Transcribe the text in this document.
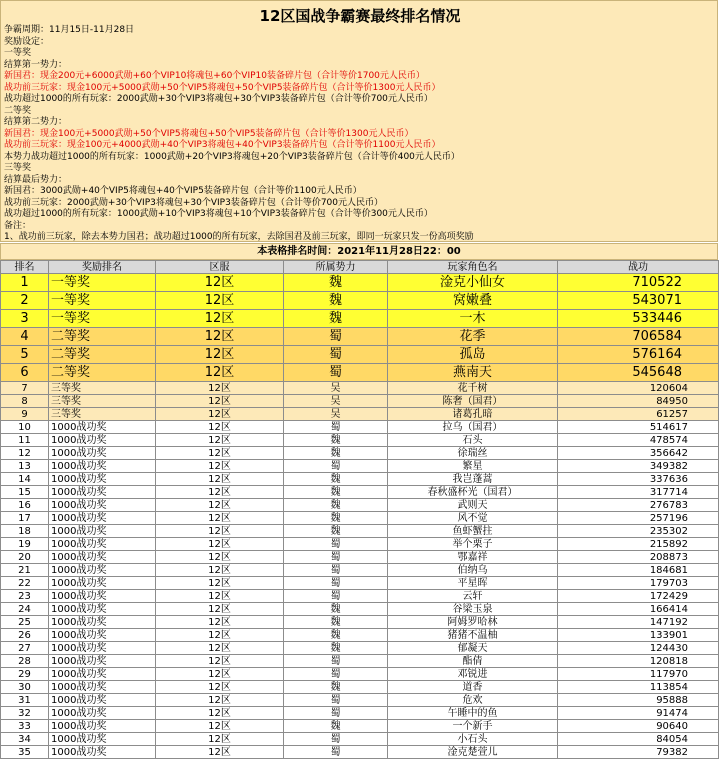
12区国战争霸赛最终排名情况
争霸周期：11月15日-11月28日
奖励设定：
一等奖
结算第一势力：
新国君：现金200元+6000武勋+60个VIP10将魂包+60个VIP10装备碎片包（合计等价1700元人民币）
战功前三玩家：现金100元+5000武勋+50个VIP5将魂包+50个VIP5装备碎片包（合计等价1300元人民币）
战功超过1000的所有玩家：2000武勋+30个VIP3将魂包+30个VIP3装备碎片包（合计等价700元人民币）
二等奖
结算第二势力：
新国君：现金100元+5000武勋+50个VIP5将魂包+50个VIP5装备碎片包（合计等价1300元人民币）
战功前三玩家：现金100元+4000武勋+40个VIP3将魂包+40个VIP3装备碎片包（合计等价1100元人民币）
本势力战功超过1000的所有玩家：1000武勋+20个VIP3将魂包+20个VIP3装备碎片包（合计等价400元人民币）
三等奖
结算最后势力：
新国君：3000武勋+40个VIP5将魂包+40个VIP5装备碎片包（合计等价1100元人民币）
战功前三玩家：2000武勋+30个VIP3将魂包+30个VIP3装备碎片包（合计等价700元人民币）
战功超过1000的所有玩家：1000武勋+10个VIP3将魂包+10个VIP3装备碎片包（合计等价300元人民币）
备注：
1、战功前三玩家，除去本势力国君；战功超过1000的所有玩家，去除国君及前三玩家，即同一玩家只发一份高项奖励
本表格排名时间：2021年11月28日22：00
排名	奖励排名	区服	所属势力	玩家角色名	战功
1	一等奖	12区	魏	淦克小仙女	710522
2	一等奖	12区	魏	窝嫩叠	543071
3	一等奖	12区	魏	一木	533446
4	二等奖	12区	蜀	花季	706584
5	二等奖	12区	蜀	孤岛	576164
6	二等奖	12区	蜀	燕南天	545648
7	三等奖	12区	吴	花千树	120604
8	三等奖	12区	吴	陈奢（国君）	84950
9	三等奖	12区	吴	诸葛孔暗	61257
10	1000战功奖	12区	蜀	拉乌（国君）	514617
11	1000战功奖	12区	魏	石头	478574
12	1000战功奖	12区	魏	徐瑞丝	356642
13	1000战功奖	12区	蜀	繁星	349382
14	1000战功奖	12区	魏	我岂蓬蒿	337636
15	1000战功奖	12区	魏	春秋盛杯光（国君）	317714
16	1000战功奖	12区	魏	武则天	276783
17	1000战功奖	12区	魏	风不觉	257196
18	1000战功奖	12区	魏	鱼虾蟹拄	235302
19	1000战功奖	12区	蜀	举个栗子	215892
20	1000战功奖	12区	蜀	鄂嘉祥	208873
21	1000战功奖	12区	蜀	伯纳乌	184681
22	1000战功奖	12区	蜀	平星晖	179703
23	1000战功奖	12区	蜀	云轩	172429
24	1000战功奖	12区	魏	谷梁玉泉	166414
25	1000战功奖	12区	魏	阿姆罗哈林	147192
26	1000战功奖	12区	魏	猪猪不温柚	133901
27	1000战功奖	12区	魏	郁凝天	124430
28	1000战功奖	12区	蜀	酯倩	120818
29	1000战功奖	12区	蜀	邓锐进	117970
30	1000战功奖	12区	魏	道香	113854
31	1000战功奖	12区	蜀	危欢	95888
32	1000战功奖	12区	蜀	午睡中的鱼	91474
33	1000战功奖	12区	魏	一个新手	90640
34	1000战功奖	12区	蜀	小石头	84054
35	1000战功奖	12区	蜀	淦克楚萱儿	79382
